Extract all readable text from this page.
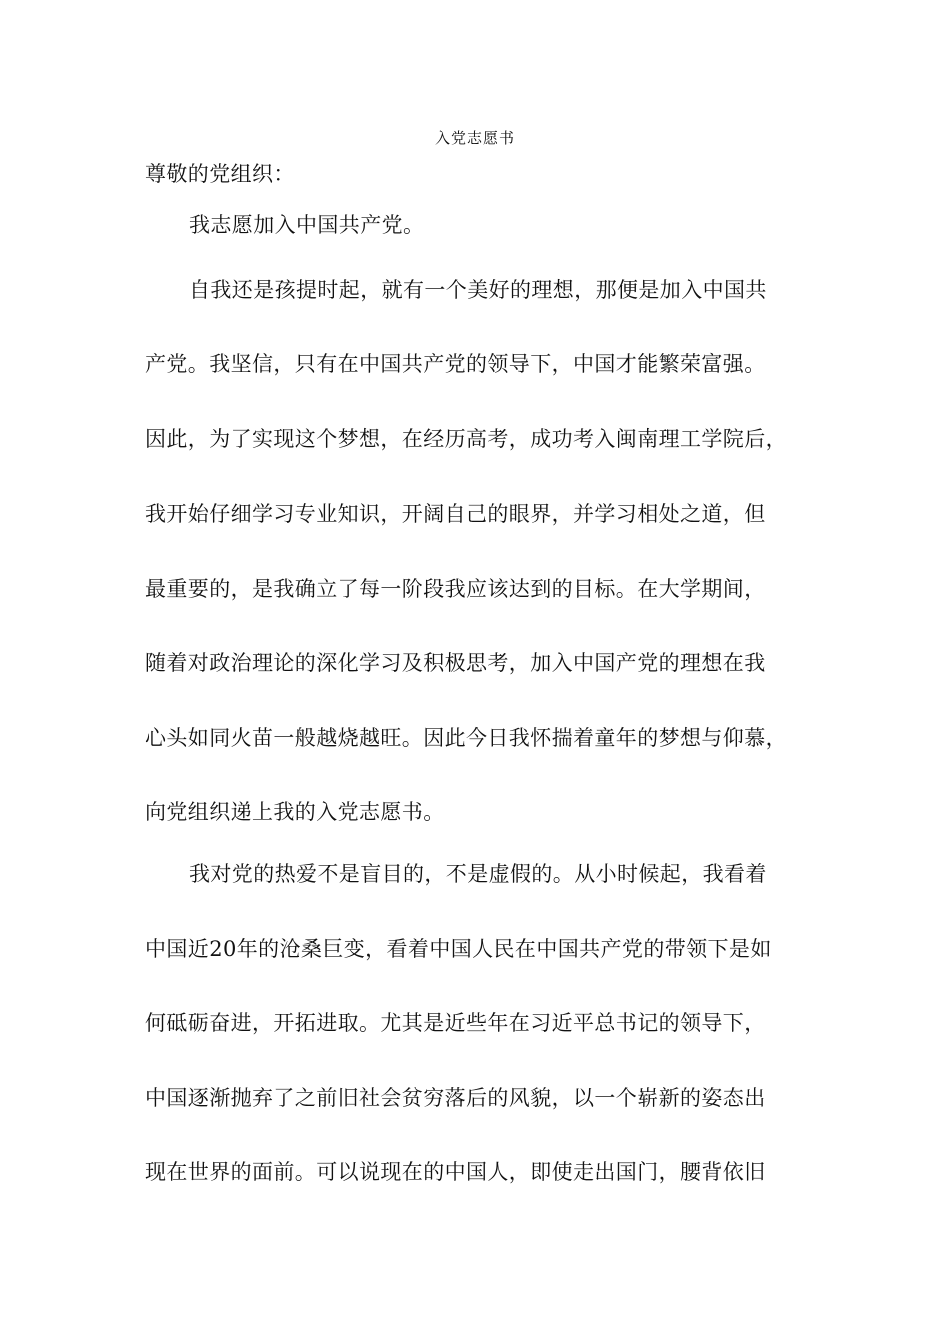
入党志愿书
尊敬的党组织：
我志愿加入中国共产党。
自我还是孩提时起，就有一个美好的理想，那便是加入中国共
产党。我坚信，只有在中国共产党的领导下，中国才能繁荣富强。
因此，为了实现这个梦想，在经历高考，成功考入闽南理工学院后，
我开始仔细学习专业知识，开阔自己的眼界，并学习相处之道，但
最重要的，是我确立了每一阶段我应该达到的目标。在大学期间，
随着对政治理论的深化学习及积极思考，加入中国产党的理想在我
心头如同火苗一般越烧越旺。因此今日我怀揣着童年的梦想与仰慕，
向党组织递上我的入党志愿书。
我对党的热爱不是盲目的，不是虚假的。从小时候起，我看着
中国近20年的沧桑巨变，看着中国人民在中国共产党的带领下是如
何砥砺奋进，开拓进取。尤其是近些年在习近平总书记的领导下，
中国逐渐抛弃了之前旧社会贫穷落后的风貌，以一个崭新的姿态出
现在世界的面前。可以说现在的中国人，即使走出国门，腰背依旧
